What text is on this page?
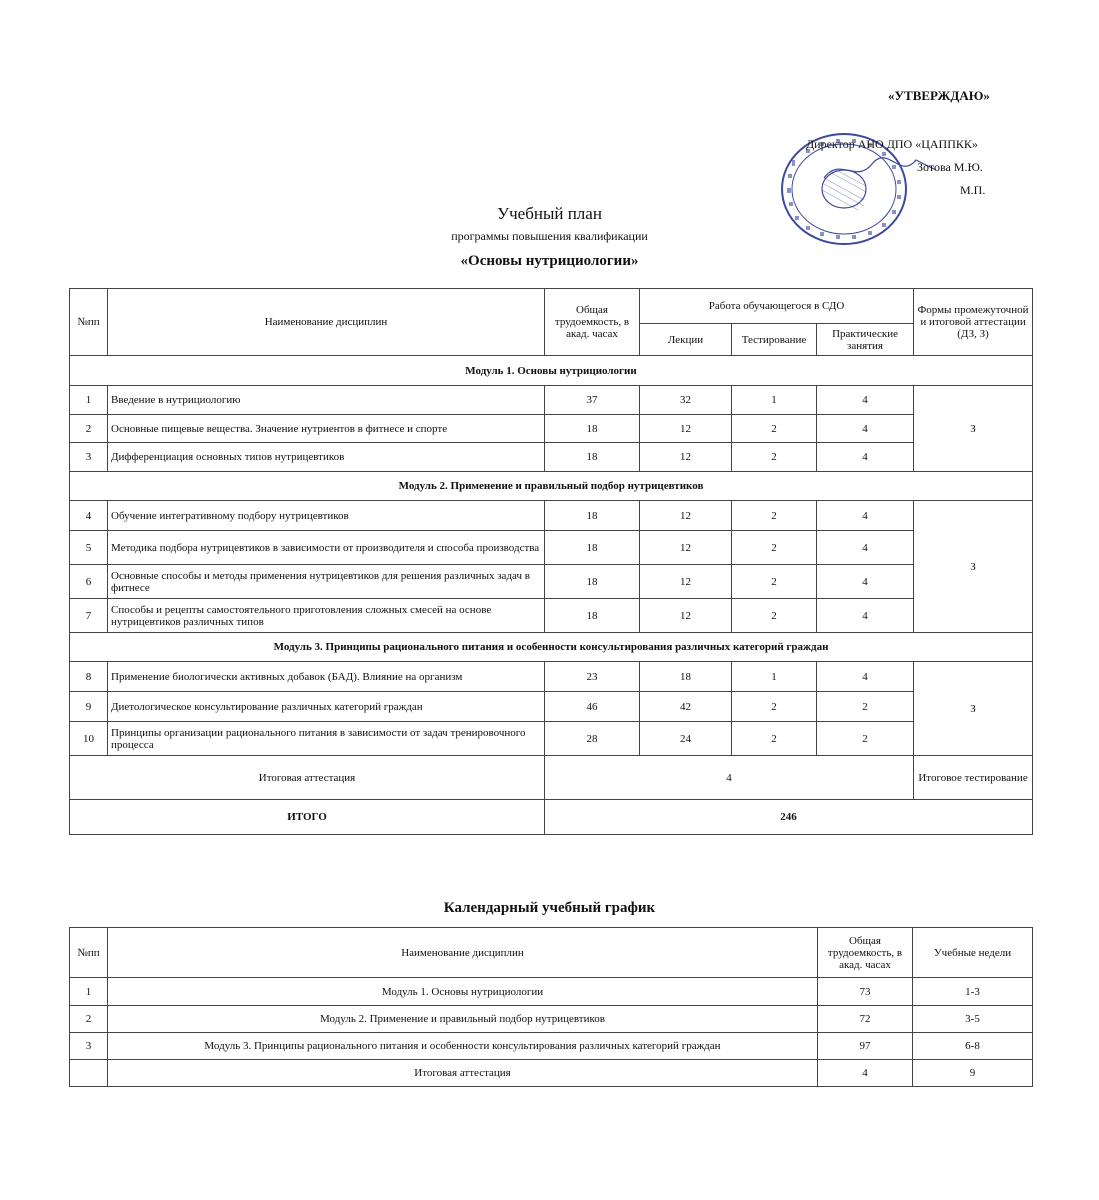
«УТВЕРЖДАЮ»
Директор АНО ДПО «ЦАППКК»
Зотова М.Ю.
М.П.
Учебный план
программы повышения квалификации
«Основы нутрициологии»
№пп	Наименование дисциплин	Общая трудоемкость, в акад. часах	Работа обучающегося в СДО			Формы промежуточной и итоговой аттестации (ДЗ, З)
			Лекции	Тестирование	Практические занятия	
Модуль 1. Основы нутрициологии						
1	Введение в нутрициологию	37	32	1	4	З
2	Основные пищевые вещества. Значение нутриентов в фитнесе и спорте	18	12	2	4	
3	Дифференциация основных типов нутрицевтиков	18	12	2	4	
Модуль 2. Применение и правильный подбор нутрицевтиков						
4	Обучение интегративному подбору нутрицевтиков	18	12	2	4	З
5	Методика подбора нутрицевтиков в зависимости от производителя и способа производства	18	12	2	4	
6	Основные способы и методы применения нутрицевтиков для решения различных задач в фитнесе	18	12	2	4	
7	Способы и рецепты самостоятельного приготовления сложных смесей на основе нутрицевтиков различных типов	18	12	2	4	
Модуль 3. Принципы рационального питания и особенности консультирования различных категорий граждан						
8	Применение биологически активных добавок (БАД). Влияние на организм	23	18	1	4	З
9	Диетологическое консультирование различных категорий граждан	46	42	2	2	
10	Принципы организации рационального питания в зависимости от задач тренировочного процесса	28	24	2	2	
Итоговая аттестация		4				Итоговое тестирование
ИТОГО		246				
Календарный учебный график
№пп	Наименование дисциплин	Общая трудоемкость, в акад. часах	Учебные недели
1	Модуль 1. Основы нутрициологии	73	1-3
2	Модуль 2. Применение и правильный подбор нутрицевтиков	72	3-5
3	Модуль 3. Принципы рационального питания и особенности консультирования различных категорий граждан	97	6-8
	Итоговая аттестация	4	9
